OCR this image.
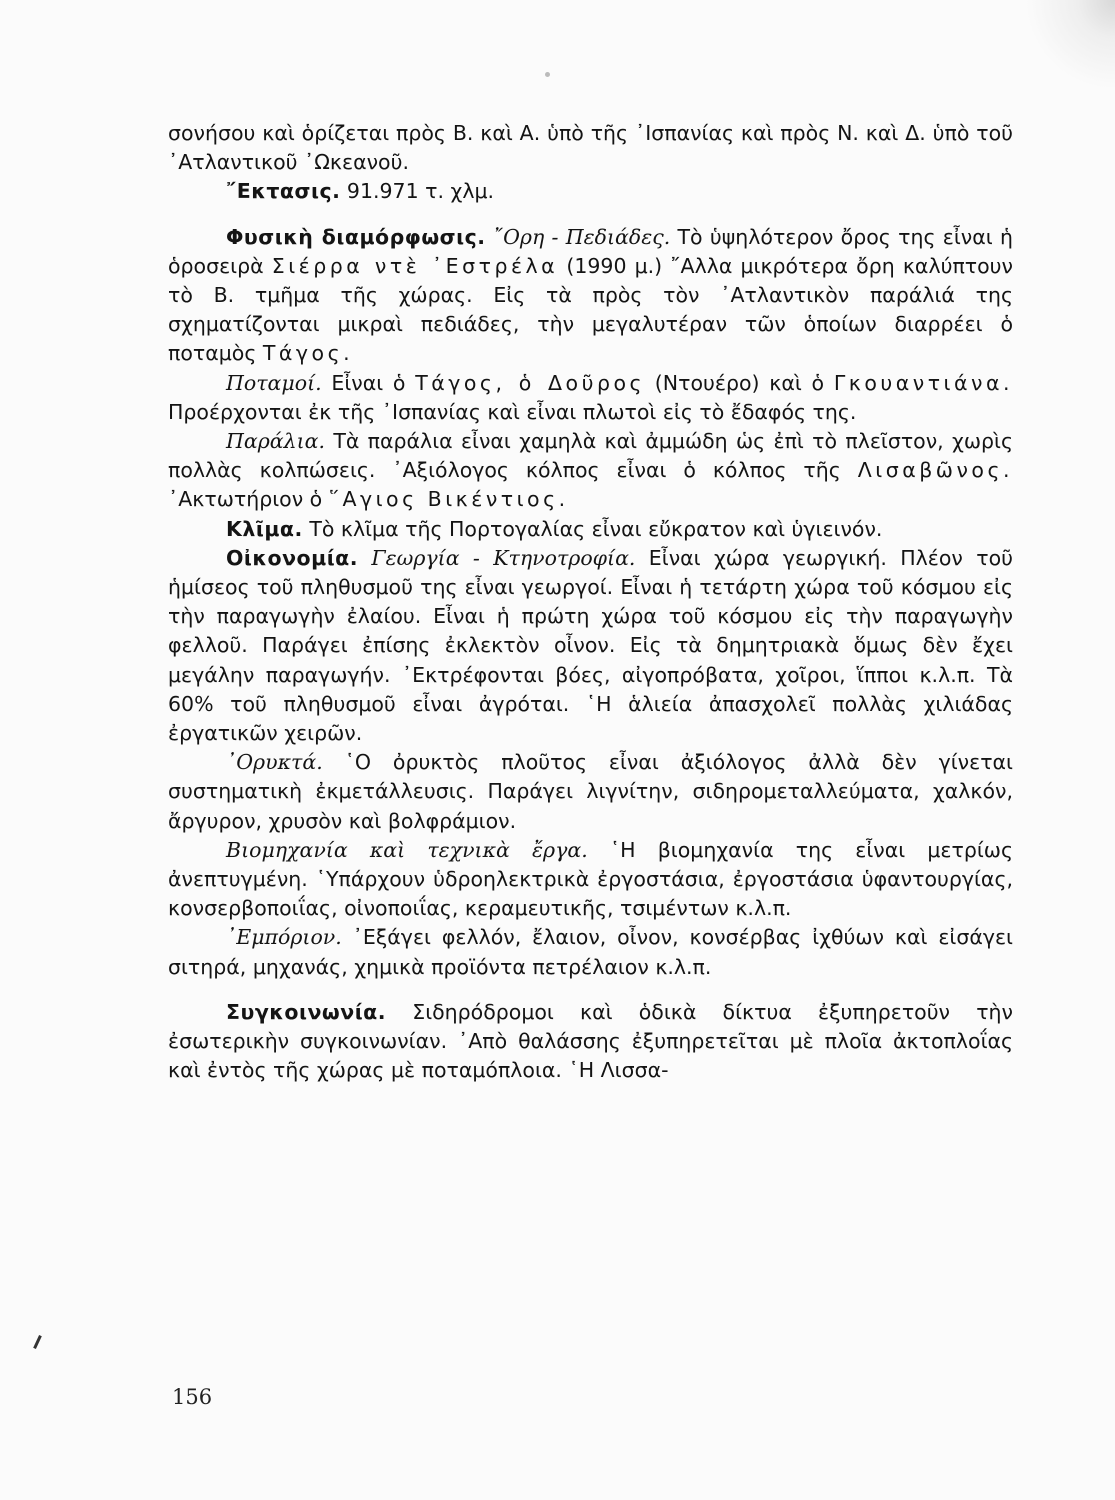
σονήσου καὶ ὁρίζεται πρὸς Β. καὶ Α. ὑπὸ τῆς ᾿Ισπανίας καὶ πρὸς Ν. καὶ Δ. ὑπὸ τοῦ ᾿Ατλαντικοῦ ᾿Ωκεανοῦ.

῎Εκτασις. 91.971 τ. χλμ.

Φυσικὴ διαμόρφωσις. ῎Ορη - Πεδιάδες. Τὸ ὑψηλότερον ὄρος της εἶναι ἡ ὁροσειρὰ Σιέρρα ντὲ ᾿Εστρέλα (1990 μ.) ῎Αλλα μικρότερα ὄρη καλύπτουν τὸ Β. τμῆμα τῆς χώρας. Εἰς τὰ πρὸς τὸν ᾿Ατλαντικὸν παράλιά της σχηματίζονται μικραὶ πεδιάδες, τὴν μεγαλυτέραν τῶν ὁποίων διαρρέει ὁ ποταμὸς Τάγος.

Ποταμοί. Εἶναι ὁ Τάγος, ὁ Δοῦρος (Ντουέρο) καὶ ὁ Γκουαντιάνα. Προέρχονται ἐκ τῆς ᾿Ισπανίας καὶ εἶναι πλωτοὶ εἰς τὸ ἔδαφός της.

Παράλια. Τὰ παράλια εἶναι χαμηλὰ καὶ ἀμμώδη ὡς ἐπὶ τὸ πλεῖστον, χωρὶς πολλὰς κολπώσεις. ᾿Αξιόλογος κόλπος εἶναι ὁ κόλπος τῆς Λισαβῶνος. ᾿Ακτωτήριον ὁ ῞Αγιος Βικέντιος.

Κλῖμα. Τὸ κλῖμα τῆς Πορτογαλίας εἶναι εὔκρατον καὶ ὑγιεινόν.

Οἰκονομία. Γεωργία - Κτηνοτροφία. Εἶναι χώρα γεωργική. Πλέον τοῦ ἡμίσεος τοῦ πληθυσμοῦ της εἶναι γεωργοί. Εἶναι ἡ τετάρτη χώρα τοῦ κόσμου εἰς τὴν παραγωγὴν ἐλαίου. Εἶναι ἡ πρώτη χώρα τοῦ κόσμου εἰς τὴν παραγωγὴν φελλοῦ. Παράγει ἐπίσης ἐκλεκτὸν οἶνον. Εἰς τὰ δημητριακὰ ὅμως δὲν ἔχει μεγάλην παραγωγήν. ᾿Εκτρέφονται βόες, αἰγοπρόβατα, χοῖροι, ἵπποι κ.λ.π. Τὰ 60% τοῦ πληθυσμοῦ εἶναι ἀγρόται. ῾Η ἁλιεία ἀπασχολεῖ πολλὰς χιλιάδας ἐργατικῶν χειρῶν.

᾿Ορυκτά. ῾Ο ὀρυκτὸς πλοῦτος εἶναι ἀξιόλογος ἀλλὰ δὲν γίνεται συστηματικὴ ἐκμετάλλευσις. Παράγει λιγνίτην, σιδηρομεταλλεύματα, χαλκόν, ἄργυρον, χρυσὸν καὶ βολφράμιον.

Βιομηχανία καὶ τεχνικὰ ἔργα. ῾Η βιομηχανία της εἶναι μετρίως ἀνεπτυγμένη. ῾Υπάρχουν ὑδροηλεκτρικὰ ἐργοστάσια, ἐργοστάσια ὑφαντουργίας, κονσερβοποιΐας, οἰνοποιΐας, κεραμευτικῆς, τσιμέντων κ.λ.π.

᾿Εμπόριον. ᾿Εξάγει φελλόν, ἔλαιον, οἶνον, κονσέρβας ἰχθύων καὶ εἰσάγει σιτηρά, μηχανάς, χημικὰ προϊόντα πετρέλαιον κ.λ.π.

Συγκοινωνία. Σιδηρόδρομοι καὶ ὁδικὰ δίκτυα ἐξυπηρετοῦν τὴν ἐσωτερικὴν συγκοινωνίαν. ᾿Απὸ θαλάσσης ἐξυπηρετεῖται μὲ πλοῖα ἀκτοπλοΐας καὶ ἐντὸς τῆς χώρας μὲ ποταμόπλοια. ῾Η Λισσα-

156
